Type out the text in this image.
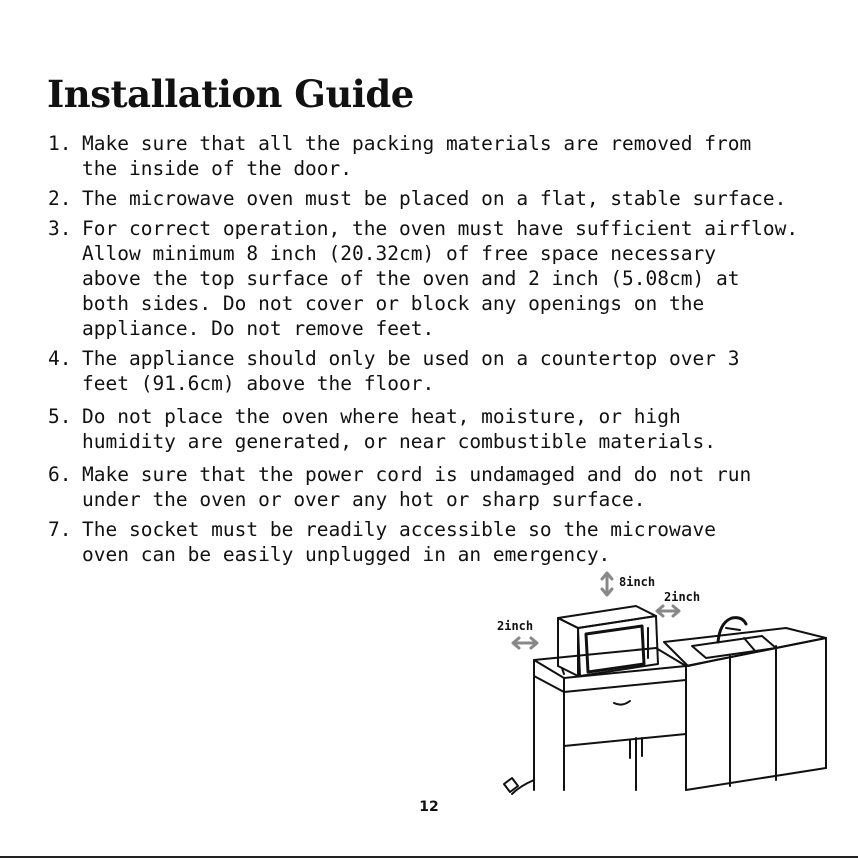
Installation Guide
1. Make sure that all the packing materials are removed from
the inside of the door.
2. The microwave oven must be placed on a flat, stable surface.
3. For correct operation, the oven must have sufficient airflow.
Allow minimum 8 inch (20.32cm) of free space necessary
above the top surface of the oven and 2 inch (5.08cm) at
both sides. Do not cover or block any openings on the
appliance. Do not remove feet.
4. The appliance should only be used on a countertop over 3
feet (91.6cm) above the floor.
5. Do not place the oven where heat, moisture, or high
humidity are generated, or near combustible materials.
6. Make sure that the power cord is undamaged and do not run
under the oven or over any hot or sharp surface.
7. The socket must be readily accessible so the microwave
oven can be easily unplugged in an emergency.
8inch
2inch
2inch
12
